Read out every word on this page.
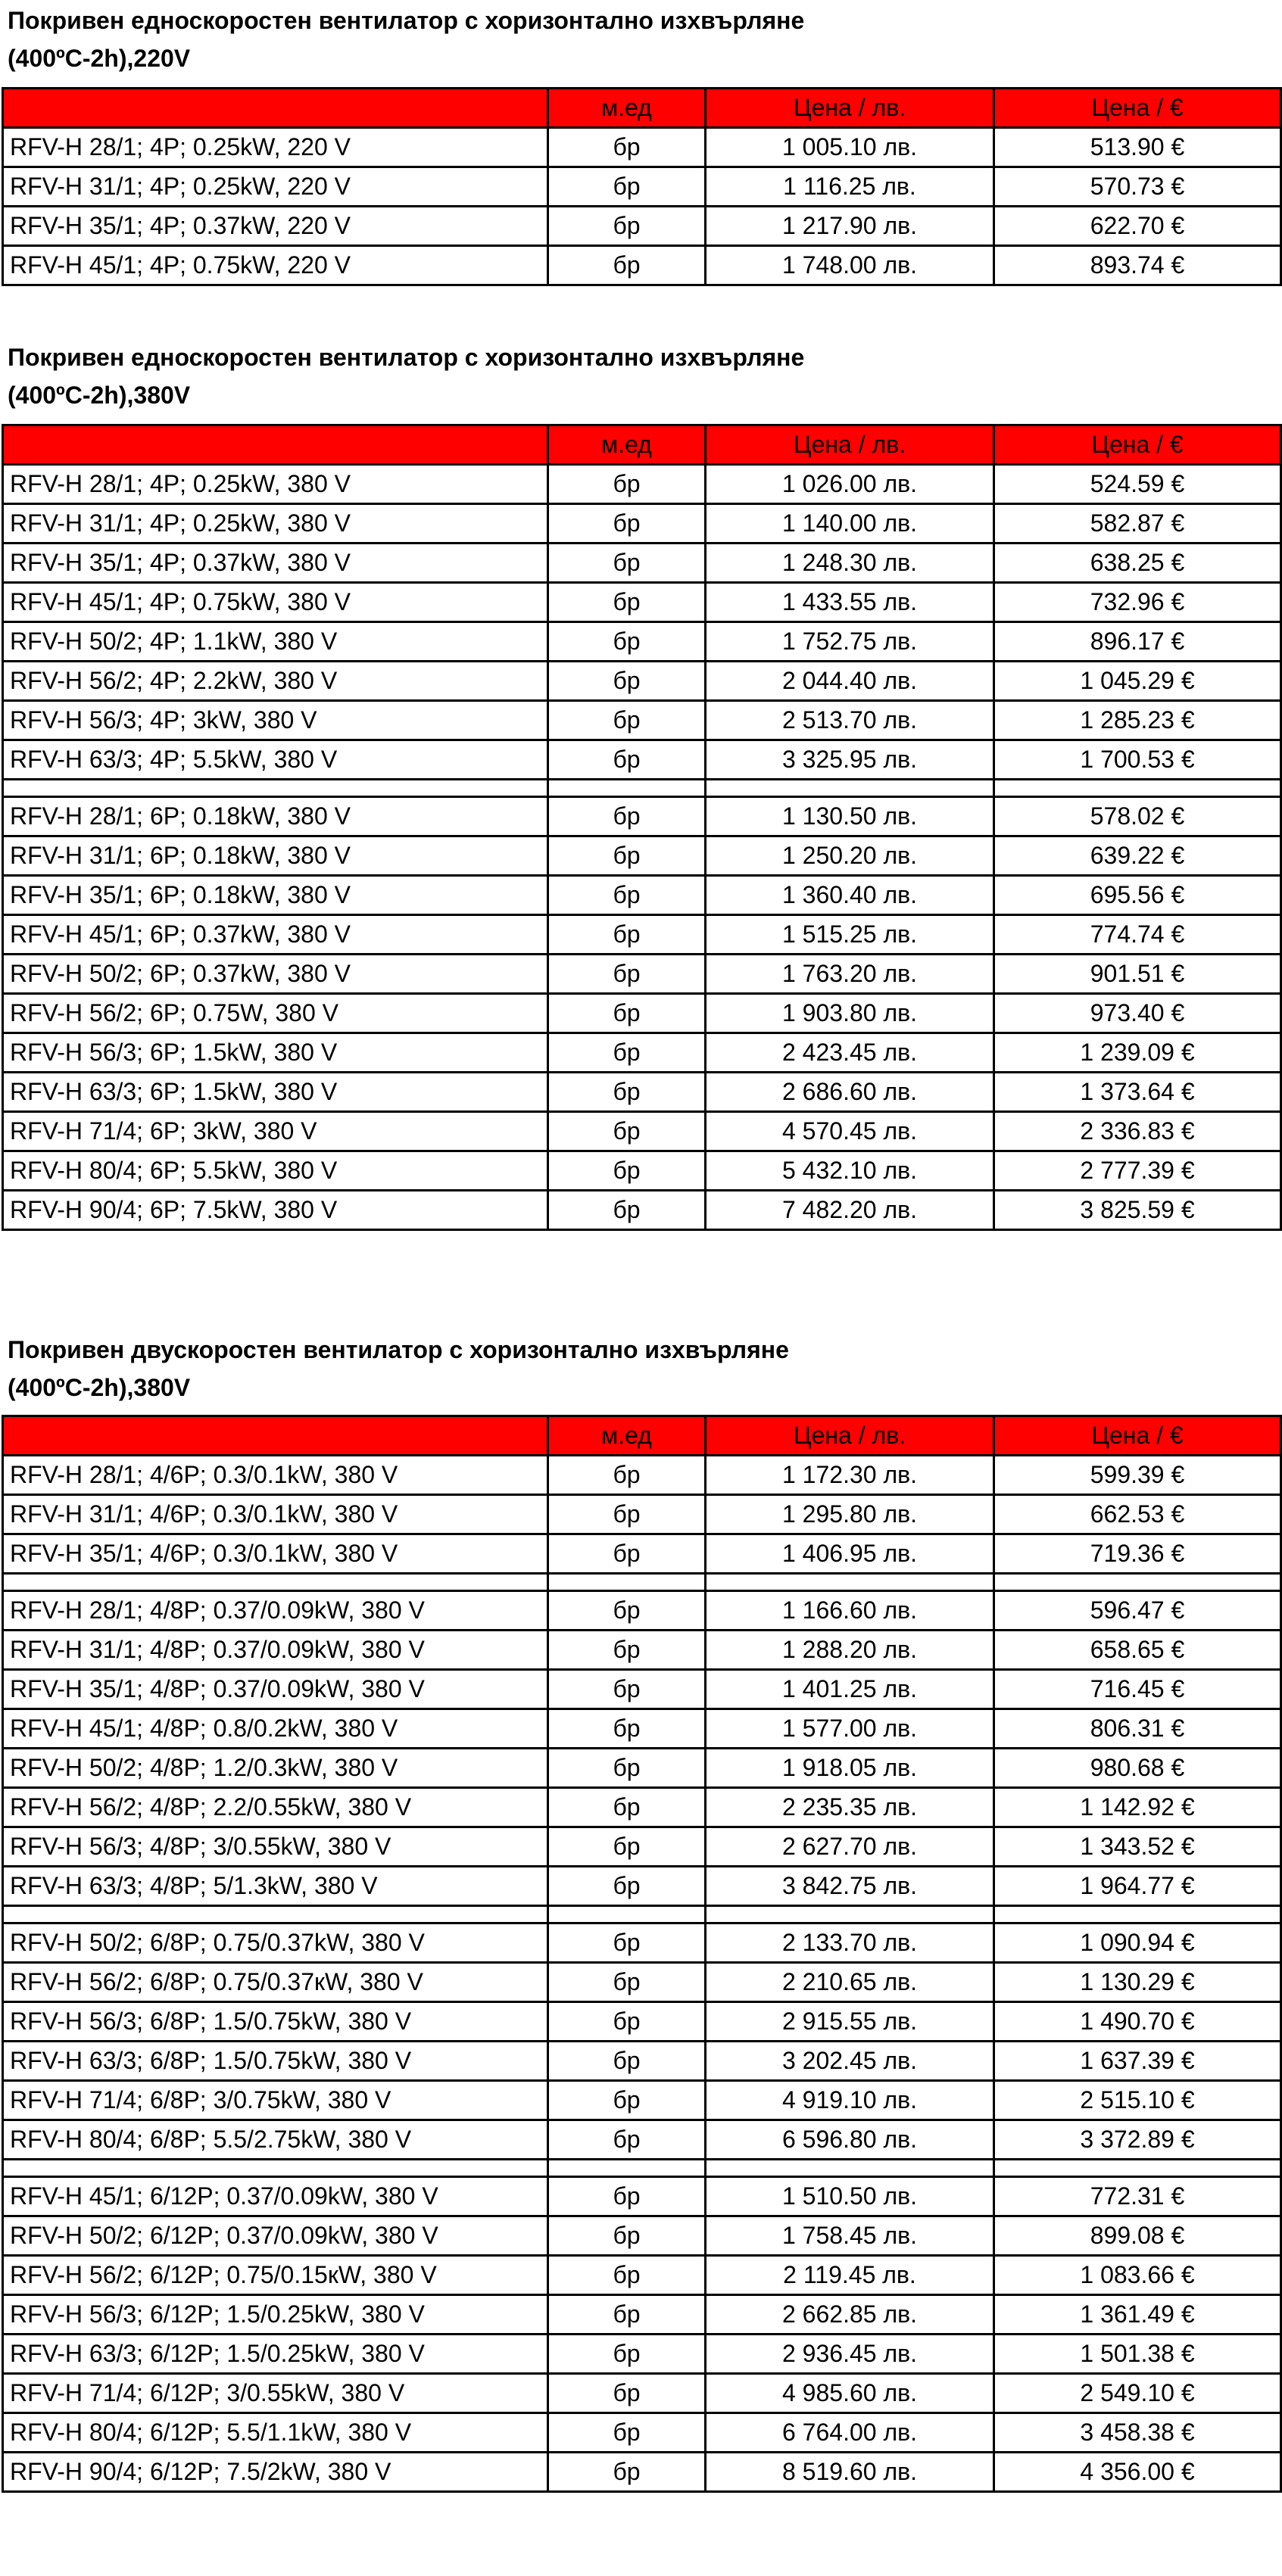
Покривен едноскоростен вентилатор с хоризонтално изхвърляне
(400ºC-2h),220V
	м.ед	Цена / лв.	Цена / €
RFV-H 28/1; 4P; 0.25kW, 220 V	бр	1 005.10 лв.	513.90 €
RFV-H 31/1; 4P; 0.25kW, 220 V	бр	1 116.25 лв.	570.73 €
RFV-H 35/1; 4P; 0.37kW, 220 V	бр	1 217.90 лв.	622.70 €
RFV-H 45/1; 4P; 0.75kW, 220 V	бр	1 748.00 лв.	893.74 €
Покривен едноскоростен вентилатор с хоризонтално изхвърляне
(400ºC-2h),380V
	м.ед	Цена / лв.	Цена / €
RFV-H 28/1; 4P; 0.25kW, 380 V	бр	1 026.00 лв.	524.59 €
RFV-H 31/1; 4P; 0.25kW, 380 V	бр	1 140.00 лв.	582.87 €
RFV-H 35/1; 4P; 0.37kW, 380 V	бр	1 248.30 лв.	638.25 €
RFV-H 45/1; 4P; 0.75kW, 380 V	бр	1 433.55 лв.	732.96 €
RFV-H 50/2; 4P; 1.1kW, 380 V	бр	1 752.75 лв.	896.17 €
RFV-H 56/2; 4P; 2.2kW, 380 V	бр	2 044.40 лв.	1 045.29 €
RFV-H 56/3; 4P; 3kW, 380 V	бр	2 513.70 лв.	1 285.23 €
RFV-H 63/3; 4P; 5.5kW, 380 V	бр	3 325.95 лв.	1 700.53 €

RFV-H 28/1; 6P; 0.18kW, 380 V	бр	1 130.50 лв.	578.02 €
RFV-H 31/1; 6P; 0.18kW, 380 V	бр	1 250.20 лв.	639.22 €
RFV-H 35/1; 6P; 0.18kW, 380 V	бр	1 360.40 лв.	695.56 €
RFV-H 45/1; 6P; 0.37kW, 380 V	бр	1 515.25 лв.	774.74 €
RFV-H 50/2; 6P; 0.37kW, 380 V	бр	1 763.20 лв.	901.51 €
RFV-H 56/2; 6P; 0.75W, 380 V	бр	1 903.80 лв.	973.40 €
RFV-H 56/3; 6P; 1.5kW, 380 V	бр	2 423.45 лв.	1 239.09 €
RFV-H 63/3; 6P; 1.5kW, 380 V	бр	2 686.60 лв.	1 373.64 €
RFV-H 71/4; 6P; 3kW, 380 V	бр	4 570.45 лв.	2 336.83 €
RFV-H 80/4; 6P; 5.5kW, 380 V	бр	5 432.10 лв.	2 777.39 €
RFV-H 90/4; 6P; 7.5kW, 380 V	бр	7 482.20 лв.	3 825.59 €
Покривен двускоростен вентилатор с хоризонтално изхвърляне
(400ºC-2h),380V
	м.ед	Цена / лв.	Цена / €
RFV-H 28/1; 4/6P; 0.3/0.1kW, 380 V	бр	1 172.30 лв.	599.39 €
RFV-H 31/1; 4/6P; 0.3/0.1kW, 380 V	бр	1 295.80 лв.	662.53 €
RFV-H 35/1; 4/6P; 0.3/0.1kW, 380 V	бр	1 406.95 лв.	719.36 €

RFV-H 28/1; 4/8P; 0.37/0.09kW, 380 V	бр	1 166.60 лв.	596.47 €
RFV-H 31/1; 4/8P; 0.37/0.09kW, 380 V	бр	1 288.20 лв.	658.65 €
RFV-H 35/1; 4/8P; 0.37/0.09kW, 380 V	бр	1 401.25 лв.	716.45 €
RFV-H 45/1; 4/8P; 0.8/0.2kW, 380 V	бр	1 577.00 лв.	806.31 €
RFV-H 50/2; 4/8P; 1.2/0.3kW, 380 V	бр	1 918.05 лв.	980.68 €
RFV-H 56/2; 4/8P; 2.2/0.55kW, 380 V	бр	2 235.35 лв.	1 142.92 €
RFV-H 56/3; 4/8P; 3/0.55kW, 380 V	бр	2 627.70 лв.	1 343.52 €
RFV-H 63/3; 4/8P; 5/1.3kW, 380 V	бр	3 842.75 лв.	1 964.77 €

RFV-H 50/2; 6/8P; 0.75/0.37kW, 380 V	бр	2 133.70 лв.	1 090.94 €
RFV-H 56/2; 6/8P; 0.75/0.37кW, 380 V	бр	2 210.65 лв.	1 130.29 €
RFV-H 56/3; 6/8P; 1.5/0.75kW, 380 V	бр	2 915.55 лв.	1 490.70 €
RFV-H 63/3; 6/8P; 1.5/0.75kW, 380 V	бр	3 202.45 лв.	1 637.39 €
RFV-H 71/4; 6/8P; 3/0.75kW, 380 V	бр	4 919.10 лв.	2 515.10 €
RFV-H 80/4; 6/8P; 5.5/2.75kW, 380 V	бр	6 596.80 лв.	3 372.89 €

RFV-H 45/1; 6/12P; 0.37/0.09kW, 380 V	бр	1 510.50 лв.	772.31 €
RFV-H 50/2; 6/12P; 0.37/0.09kW, 380 V	бр	1 758.45 лв.	899.08 €
RFV-H 56/2; 6/12P; 0.75/0.15кW, 380 V	бр	2 119.45 лв.	1 083.66 €
RFV-H 56/3; 6/12P; 1.5/0.25kW, 380 V	бр	2 662.85 лв.	1 361.49 €
RFV-H 63/3; 6/12P; 1.5/0.25kW, 380 V	бр	2 936.45 лв.	1 501.38 €
RFV-H 71/4; 6/12P; 3/0.55kW, 380 V	бр	4 985.60 лв.	2 549.10 €
RFV-H 80/4; 6/12P; 5.5/1.1kW, 380 V	бр	6 764.00 лв.	3 458.38 €
RFV-H 90/4; 6/12P; 7.5/2kW, 380 V	бр	8 519.60 лв.	4 356.00 €
